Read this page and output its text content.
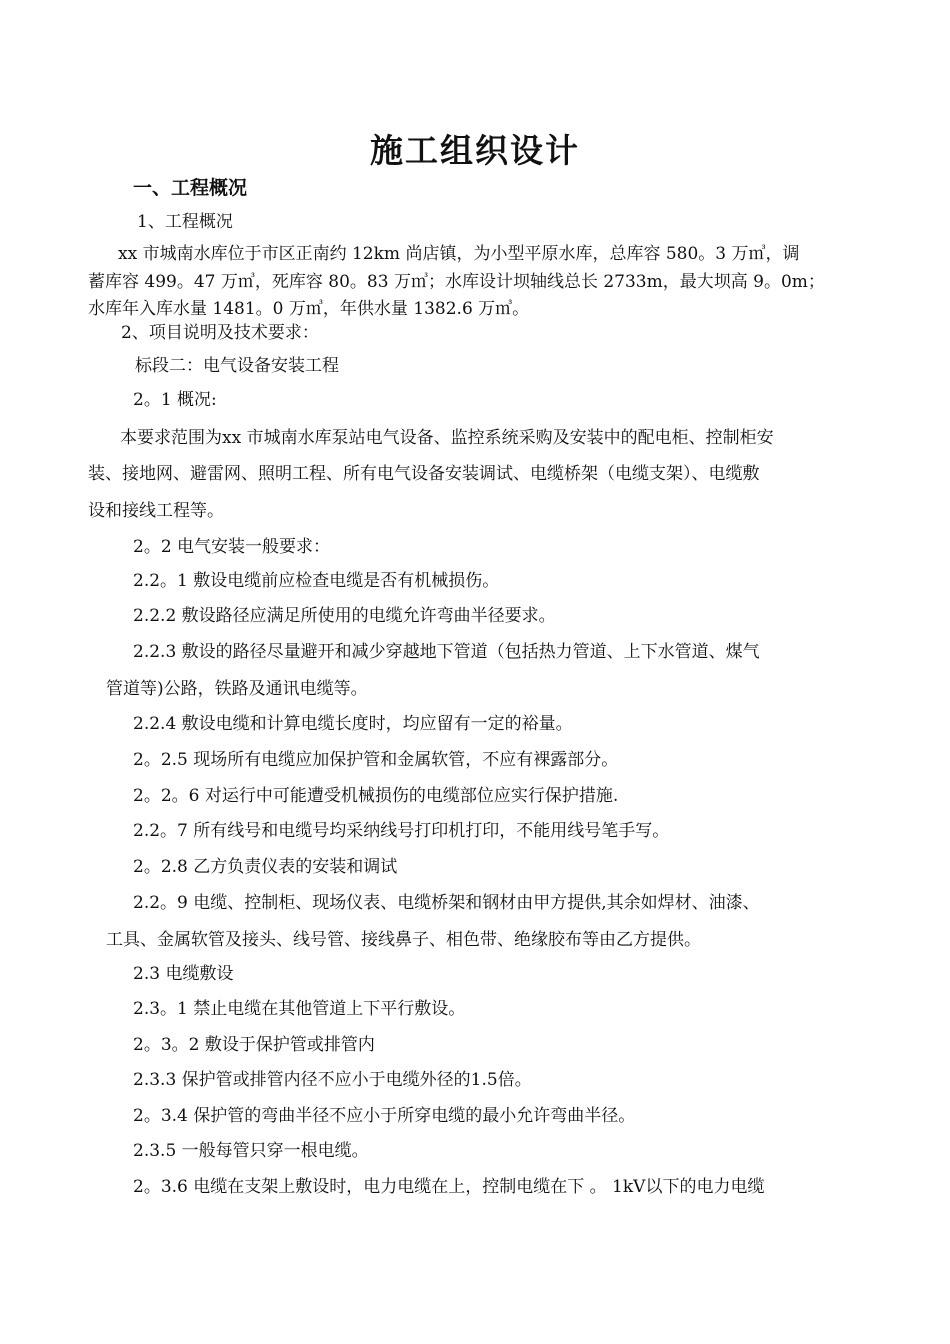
施工组织设计
一、工程概况
1、工程概况
xx 市城南水库位于市区正南约 12km 尚店镇，为小型平原水库，总库容 580。3 万㎥，调
蓄库容 499。47 万㎥，死库容 80。83 万㎥；水库设计坝轴线总长 2733m，最大坝高 9。0m；
水库年入库水量 1481。0 万㎥，年供水量 1382.6 万㎥。
2、项目说明及技术要求：
标段二：电气设备安装工程
2。1 概况:
本要求范围为xx 市城南水库泵站电气设备、监控系统采购及安装中的配电柜、控制柜安
装、接地网、避雷网、照明工程、所有电气设备安装调试、电缆桥架（电缆支架）、电缆敷
设和接线工程等。
2。2 电气安装一般要求：
2.2。1 敷设电缆前应检查电缆是否有机械损伤。
2.2.2 敷设路径应满足所使用的电缆允许弯曲半径要求。
2.2.3 敷设的路径尽量避开和减少穿越地下管道（包括热力管道、上下水管道、煤气
管道等)公路，铁路及通讯电缆等。
2.2.4 敷设电缆和计算电缆长度时，均应留有一定的裕量。
2。2.5 现场所有电缆应加保护管和金属软管，不应有裸露部分。
2。2。6 对运行中可能遭受机械损伤的电缆部位应实行保护措施.
2.2。7 所有线号和电缆号均采纳线号打印机打印，不能用线号笔手写。
2。2.8 乙方负责仪表的安装和调试
2.2。9 电缆、控制柜、现场仪表、电缆桥架和钢材由甲方提供,其余如焊材、油漆、
工具、金属软管及接头、线号管、接线鼻子、相色带、绝缘胶布等由乙方提供。
2.3 电缆敷设
2.3。1 禁止电缆在其他管道上下平行敷设。
2。3。2 敷设于保护管或排管内
2.3.3 保护管或排管内径不应小于电缆外径的1.5倍。
2。3.4 保护管的弯曲半径不应小于所穿电缆的最小允许弯曲半径。
2.3.5 一般每管只穿一根电缆。
2。3.6 电缆在支架上敷设时，电力电缆在上，控制电缆在下 。 1kV以下的电力电缆
